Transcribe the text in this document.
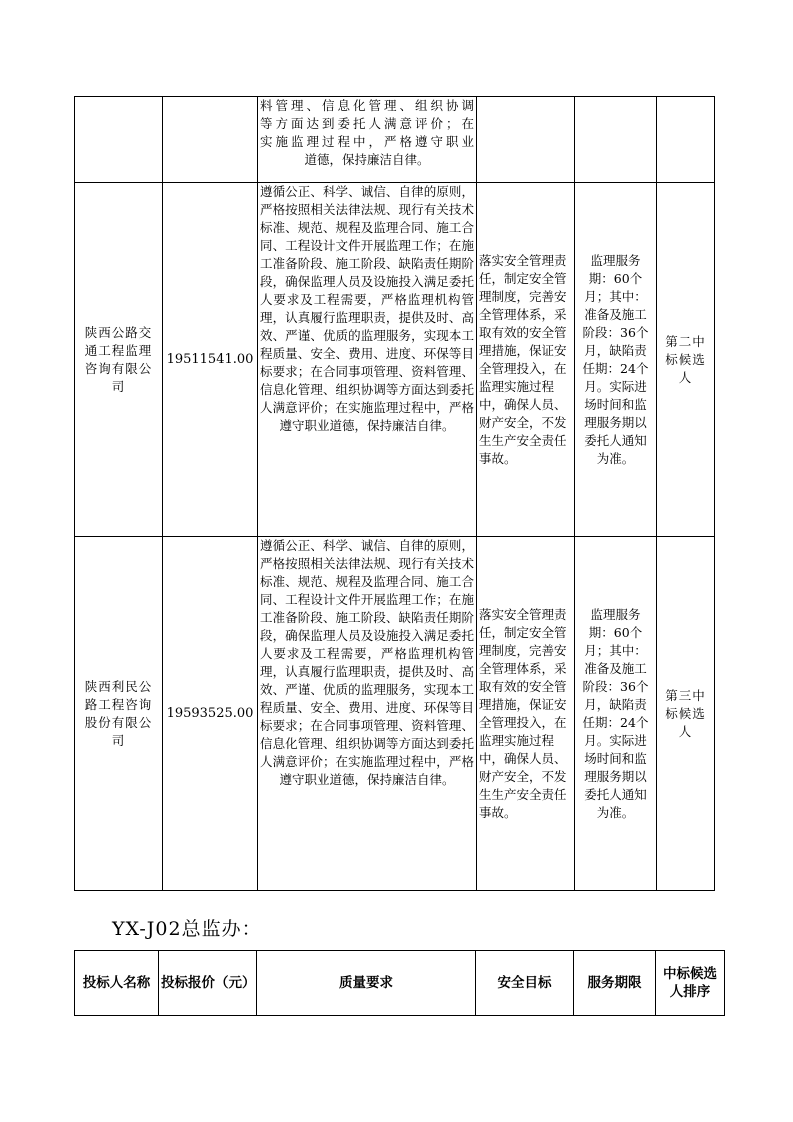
		料管理、信息化管理、组织协调
等方面达到委托人满意评价；在
实施监理过程中，严格遵守职业
道德，保持廉洁自律。			

陕西公路交通工程监理咨询有限公司	19511541.00	遵循公正、科学、诚信、自律的原则，严格按照相关法律法规、现行有关技术标准、规范、规程及监理合同、施工合同、工程设计文件开展监理工作；在施工准备阶段、施工阶段、缺陷责任期阶段，确保监理人员及设施投入满足委托人要求及工程需要，严格监理机构管理，认真履行监理职责，提供及时、高效、严谨、优质的监理服务，实现本工程质量、安全、费用、进度、环保等目标要求；在合同事项管理、资料管理、信息化管理、组织协调等方面达到委托人满意评价；在实施监理过程中，严格遵守职业道德，保持廉洁自律。	落实安全管理责任，制定安全管理制度，完善安全管理体系，采取有效的安全管理措施，保证安全管理投入，在监理实施过程中，确保人员、财产安全，不发生生产安全责任事故。	监理服务期：60个月；其中：准备及施工阶段：36个月，缺陷责任期：24个月。实际进场时间和监理服务期以委托人通知为准。	第二中标候选人
陕西利民公路工程咨询股份有限公司	19593525.00	遵循公正、科学、诚信、自律的原则，严格按照相关法律法规、现行有关技术标准、规范、规程及监理合同、施工合同、工程设计文件开展监理工作；在施工准备阶段、施工阶段、缺陷责任期阶段，确保监理人员及设施投入满足委托人要求及工程需要，严格监理机构管理，认真履行监理职责，提供及时、高效、严谨、优质的监理服务，实现本工程质量、安全、费用、进度、环保等目标要求；在合同事项管理、资料管理、信息化管理、组织协调等方面达到委托人满意评价；在实施监理过程中，严格遵守职业道德，保持廉洁自律。	落实安全管理责任，制定安全管理制度，完善安全管理体系，采取有效的安全管理措施，保证安全管理投入，在监理实施过程中，确保人员、财产安全，不发生生产安全责任事故。	监理服务期：60个月；其中：准备及施工阶段：36个月，缺陷责任期：24个月。实际进场时间和监理服务期以委托人通知为准。	第三中标候选人
YX-J02总监办：
投标人名称	投标报价（元）	质量要求	安全目标	服务期限	中标候选人排序
